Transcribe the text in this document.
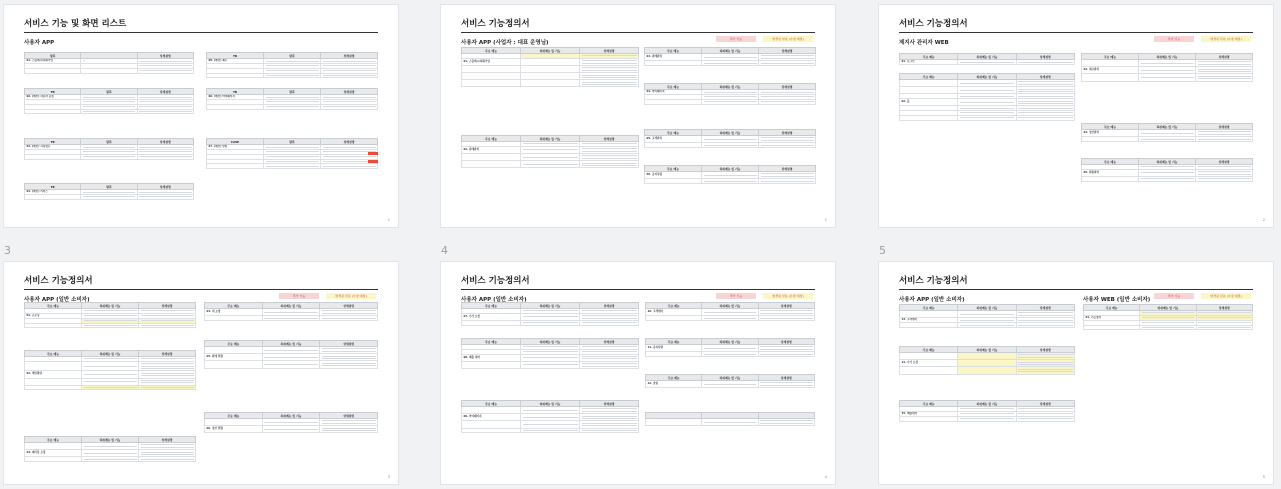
3	4	5
서비스 기능 및 화면 리스트
사용자 APP
항목		상세설명
01. 스플래시/회원가입	—	

TB	항목	상세설명
02. (메인) 사용자 중심	

TB	항목	상세설명
03. (메인) 시장정보	

TB	항목	상세설명
04. (메인) 서비스	

TB	항목	상세설명
05. (메인) 재무	

TB	항목	상세설명
06. (메인) 마이페이지	

CASE	항목	상세설명
07. (메인) 알림	

1
서비스 기능정의서
사용자 APP (사업자 : 대표 운영님)
추가 기능	변경된 부분 (수정 예정)
주요 메뉴	하위메뉴 및 기능	상세설명

01. 스플래시/회원가입		

주요 메뉴	하위메뉴 및 기능	상세설명

02. 판매관리	

주요 메뉴	하위메뉴 및 기능	상세설명
03. 판매관리	

주요 메뉴	하위메뉴 및 기능	상세설명
04. 마이페이지	

주요 메뉴	하위메뉴 및 기능	상세설명
05. 고객관리	

주요 메뉴	하위메뉴 및 기능	상세설명
06. 공지사항	

1
서비스 기능정의서
제지사 관리자 WEB
추가 기능	변경된 부분 (수정 예정)
주요 메뉴	하위메뉴 및 기능	상세설명
01. 로그인	

주요 메뉴	하위메뉴 및 기능	상세설명

02. 홈	

주요 메뉴	하위메뉴 및 기능	상세설명

03. 재고관리	

주요 메뉴	하위메뉴 및 기능	상세설명
04. 정산관리	

주요 메뉴	하위메뉴 및 기능	상세설명

05. 회원관리	

2
서비스 기능정의서
사용자 APP (일반 소비자)
추가 기능	변경된 부분 (수정 예정)
주요 메뉴	하위메뉴 및 기능	상세설명

01. 온보딩	

주요 메뉴	하위메뉴 및 기능	상세설명

02. 메인화면	

주요 메뉴	하위메뉴 및 기능	상세설명

03. 폐기물 요청	

주요 메뉴	하위메뉴 및 기능	상세설명
04. 내 요청	

주요 메뉴	하위메뉴 및 기능	상세설명

05. 판매 현황	

주요 메뉴	하위메뉴 및 기능	상세설명

06. 정산 현황	

3
서비스 기능정의서
사용자 APP (일반 소비자)
추가 기능	변경된 부분 (수정 예정)
주요 메뉴	하위메뉴 및 기능	상세설명

07. 수거 요청	

주요 메뉴	하위메뉴 및 기능	상세설명

08. 배출 내역	

주요 메뉴	하위메뉴 및 기능	상세설명

09. 마이페이지	

주요 메뉴	하위메뉴 및 기능	상세설명
10. 고객센터	

주요 메뉴	하위메뉴 및 기능	상세설명
11. 공지사항	

주요 메뉴	하위메뉴 및 기능	상세설명
12. 알림	

4
서비스 기능정의서
사용자 APP (일반 소비자)	사용자 WEB (일반 소비자)
추가 기능	변경된 부분 (수정 예정)
주요 메뉴	하위메뉴 및 기능	상세설명

13. 고객센터	

주요 메뉴	하위메뉴 및 기능	상세설명

14. 수거 요청		

주요 메뉴	하위메뉴 및 기능	상세설명

15. 배출내역	

주요 메뉴	하위메뉴 및 기능	상세설명

01. 기능정의	

5
